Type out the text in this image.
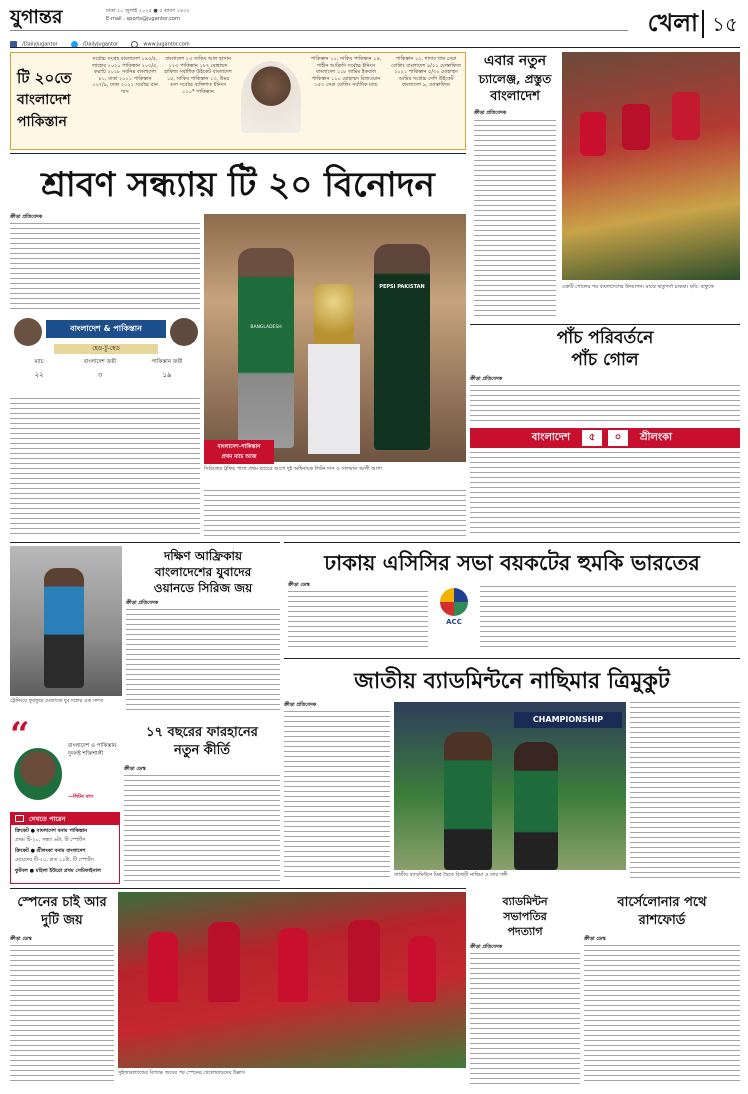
যুগান্তর	ঢাকা ২০ জুলাই ২০২৫ ● ৫ শ্রাবণ ১৪৩২
E-mail : sports@jugantor.com
/DailyJugantor	/DailyJugantor	www.jugantor.com
খেলা ১৫
টি ২০তে
বাংলাদেশ
পাকিস্তান
সর্বোচ্চ সংগ্রহ বাংলাদেশ ১৯৩/৫, লাহোর ২০২০ পাকিস্তান ২০৩/৫, করাচি ২০১৮ সর্বনিম্ন বাংলাদেশ ৮১, ঢাকা ২০২১ পাকিস্তান ১২৭/৯, ঢাকা ২০২১ সর্বোচ্চ রান দাস
বাংলাদেশ ২৩ সাকিব আল হাসান ১২৩ পাকিস্তান ১৮৭ মোহাম্মদ হাফিজ সর্বাধিক উইকেট বাংলাদেশ ১৫, সাকিব পাকিস্তান ১৩, উমর গুল সর্বোচ্চ ব্যক্তিগত ইনিংস ১১০* পাকিস্তান
পাকিস্তান ১০, সাকিব পাকিস্তান ১৫, শাহীন আফ্রিদি সর্বোচ্চ ইনিংস বাংলাদেশ ১১৮ তামিম ইকবাল পাকিস্তান ১১০ মোহাম্মদ রিজওয়ান ১৫৩ সেরা বোলিং সর্বাধিক ম্যাচ
পাকিস্তান ১২, শাদাব খান সেরা বোলিং বাংলাদেশ ৪/২১ মোস্তাফিজ ২০২১ পাকিস্তান ৫/৩০ মোহাম্মদ আমির সর্বোচ্চ দেশি উইকেট বাংলাদেশ ৯, মোস্তাফিজ
এবার নতুন
চ্যালেঞ্জ, প্রস্তুত
বাংলাদেশ
ক্রীড়া প্রতিবেদক
একটি গোলের পর বাংলাদেশের উদযাপন। মাঝে ঋতুপর্ণা চাকমা। ছবি: বাফুফে
শ্রাবণ সন্ধ্যায় টি ২০ বিনোদন
ক্রীড়া প্রতিবেদক
বাংলাদেশ & পাকিস্তান
হেড-টু-হেড
ম্যাচ	বাংলাদেশ জয়ী	পাকিস্তান জয়ী
২২	৩	১৯
BANGLADESH
PEPSI PAKISTAN
বাংলাদেশ-পাকিস্তান
প্রথম ম্যাচ আজ
সিরিজের ট্রফির পাশে প্রথম ম্যাচের আগে দুই অধিনায়ক লিটন দাস ও সালমান আলী আগা
পাঁচ পরিবর্তনে
পাঁচ গোল
ক্রীড়া প্রতিবেদক
বাংলাদেশ	৫	০	শ্রীলংকা
ট্রেনিংয়ে ফুরফুরে মেজাজে যুব দলের এক সদস্য
দক্ষিণ আফ্রিকায়
বাংলাদেশের যুবাদের
ওয়ানডে সিরিজ জয়
ক্রীড়া প্রতিবেদক
ঢাকায় এসিসির সভা বয়কটের হুমকি ভারতের
ক্রীড়া ডেস্ক
ACC
“	বাংলাদেশ ও পাকিস্তান দুদলই শক্তিশালী
—লিটন দাস
দেখতে পারেন
ক্রিকেট ● বাংলাদেশ বনাম পাকিস্তান
প্রথম টি-২০, সন্ধ্যা ৬টা, টি স্পোর্টস
ক্রিকেট ● শ্রীলংকা বনাম বাংলাদেশ
মেয়েদের টি-২০, রাত ১১টা, টি স্পোর্টস
ফুটবল ● মহিলা ইউরো প্রথম সেমিফাইনাল
১৭ বছরের ফারহানের
নতুন কীর্তি
ক্রীড়া ডেস্ক
জাতীয় ব্যাডমিন্টনে নাছিমার ত্রিমুকুট
ক্রীড়া প্রতিবেদক
CHAMPIONSHIP
জাতীয় ব্যাডমিন্টনে মিশ্র দ্বৈতে বিজয়ী নাছিমা ও তার সঙ্গী
স্পেনের চাই আর
দুটি জয়
ক্রীড়া ডেস্ক
সুইজারল্যান্ডের বিপক্ষে জয়ের পর স্পেনের খেলোয়াড়দের উল্লাস
ব্যাডমিন্টন
সভাপতির
পদত্যাগ
ক্রীড়া প্রতিবেদক
বার্সেলোনার পথে
রাশফোর্ড
ক্রীড়া ডেস্ক
